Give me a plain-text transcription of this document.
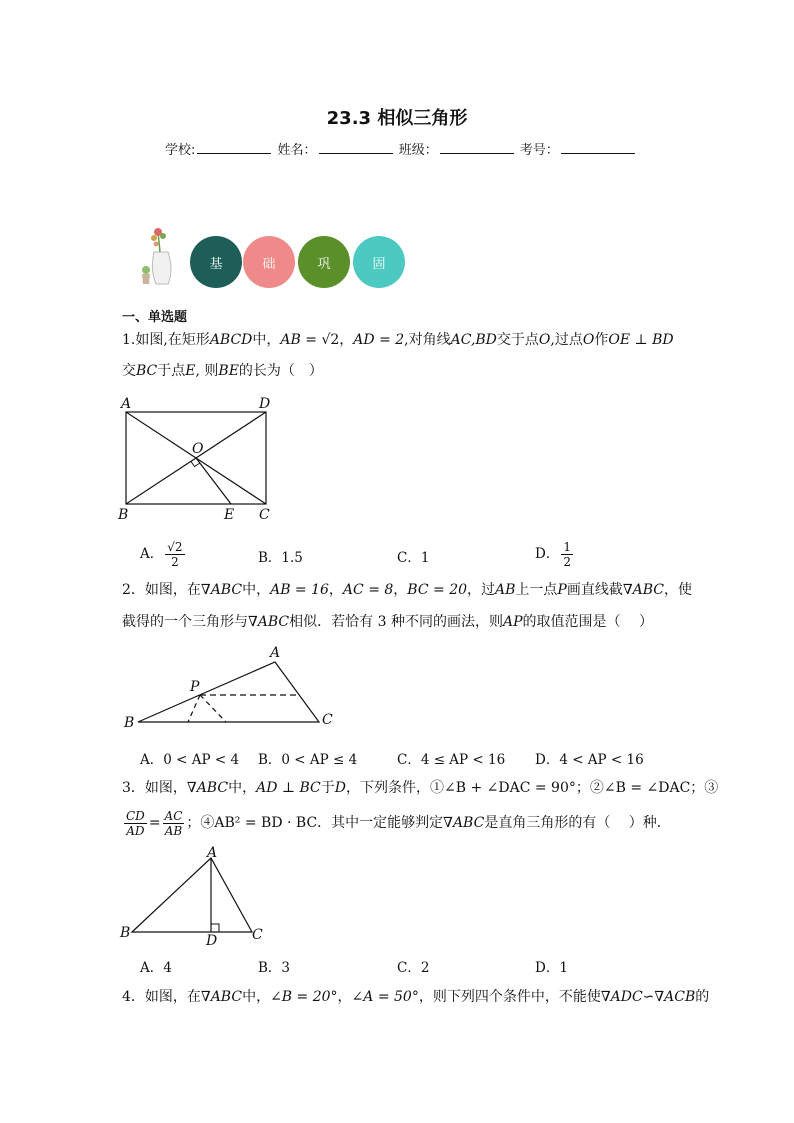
23.3 相似三角形
学校:	姓名：	班级：	考号：
基	础	巩	固
一、单选题
1.如图,在矩形ABCD中，AB = √2，AD = 2,对角线AC,BD交于点O,过点O作OE ⊥ BD
交BC于点E, 则BE的长为（　）
A	D
O
B	E C
A． $\frac{√2}{2}$	B．1.5	C．1	D． $\frac{1}{2}$
2．如图，在∇ABC中，AB = 16，AC = 8，BC = 20，过AB上一点P画直线截∇ABC，使
截得的一个三角形与∇ABC相似．若恰有 3 种不同的画法，则AP的取值范围是（　 ）
A
P
B	C
A．0 < AP < 4 B．0 < AP ≤ 4	C．4 ≤ AP < 16 D．4 < AP < 16
3．如图，∇ABC中，AD ⊥ BC于D，下列条件，①∠B + ∠DAC = 90°；②∠B = ∠DAC；③
$\frac{CD}{AD} = \frac{AC}{AB}$ ；④AB² = BD · BC．其中一定能够判定∇ABC是直角三角形的有（　 ）种．
A
B	D C
A．4	B．3	C．2	D．1
4．如图，在∇ABC中，∠B = 20°，∠A = 50°，则下列四个条件中，不能使∇ADC∽∇ACB的
